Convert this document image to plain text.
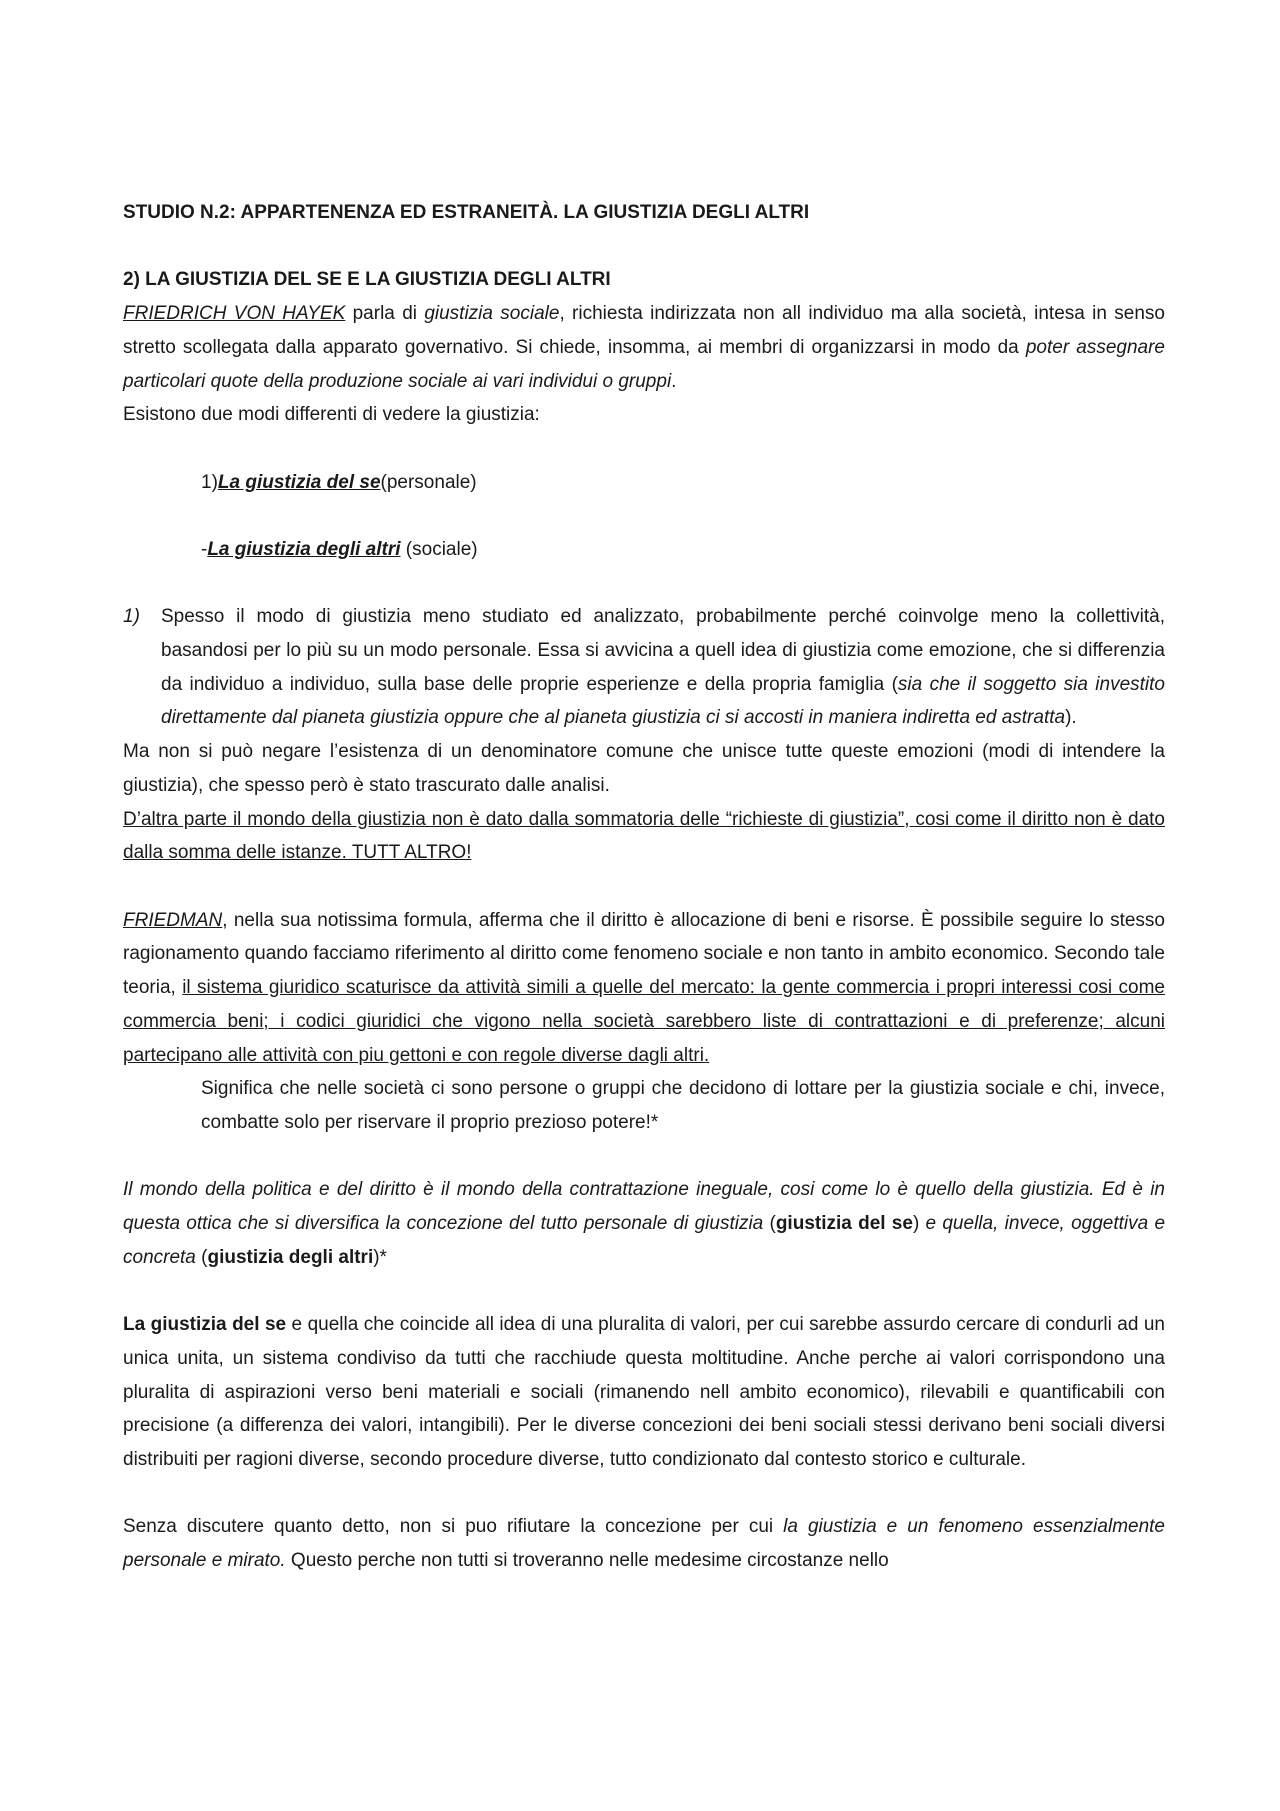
STUDIO N.2: APPARTENENZA ED ESTRANEITÀ. LA GIUSTIZIA DEGLI ALTRI

2) LA GIUSTIZIA DEL SE E LA GIUSTIZIA DEGLI ALTRI

FRIEDRICH VON HAYEK parla di giustizia sociale, richiesta indirizzata non all individuo ma alla società, intesa in senso stretto scollegata dalla apparato governativo. Si chiede, insomma, ai membri di organizzarsi in modo da poter assegnare particolari quote della produzione sociale ai vari individui o gruppi.

Esistono due modi differenti di vedere la giustizia:

1)La giustizia del se(personale)

-La giustizia degli altri (sociale)

1) Spesso il modo di giustizia meno studiato ed analizzato, probabilmente perché coinvolge meno la collettività, basandosi per lo più su un modo personale. Essa si avvicina a quell idea di giustizia come emozione, che si differenzia da individuo a individuo, sulla base delle proprie esperienze e della propria famiglia (sia che il soggetto sia investito direttamente dal pianeta giustizia oppure che al pianeta giustizia ci si accosti in maniera indiretta ed astratta).

Ma non si può negare l’esistenza di un denominatore comune che unisce tutte queste emozioni (modi di intendere la giustizia), che spesso però è stato trascurato dalle analisi.

D’altra parte il mondo della giustizia non è dato dalla sommatoria delle “richieste di giustizia”, cosi come il diritto non è dato dalla somma delle istanze. TUTT ALTRO!

FRIEDMAN, nella sua notissima formula, afferma che il diritto è allocazione di beni e risorse. È possibile seguire lo stesso ragionamento quando facciamo riferimento al diritto come fenomeno sociale e non tanto in ambito economico. Secondo tale teoria, il sistema giuridico scaturisce da attività simili a quelle del mercato: la gente commercia i propri interessi cosi come commercia beni; i codici giuridici che vigono nella società sarebbero liste di contrattazioni e di preferenze; alcuni partecipano alle attività con piu gettoni e con regole diverse dagli altri.

Significa che nelle società ci sono persone o gruppi che decidono di lottare per la giustizia sociale e chi, invece, combatte solo per riservare il proprio prezioso potere!*

Il mondo della politica e del diritto è il mondo della contrattazione ineguale, cosi come lo è quello della giustizia. Ed è in questa ottica che si diversifica la concezione del tutto personale di giustizia (giustizia del se) e quella, invece, oggettiva e concreta (giustizia degli altri)*

La giustizia del se e quella che coincide all idea di una pluralita di valori, per cui sarebbe assurdo cercare di condurli ad un unica unita, un sistema condiviso da tutti che racchiude questa moltitudine. Anche perche ai valori corrispondono una pluralita di aspirazioni verso beni materiali e sociali (rimanendo nell ambito economico), rilevabili e quantificabili con precisione (a differenza dei valori, intangibili). Per le diverse concezioni dei beni sociali stessi derivano beni sociali diversi distribuiti per ragioni diverse, secondo procedure diverse, tutto condizionato dal contesto storico e culturale.

Senza discutere quanto detto, non si puo rifiutare la concezione per cui la giustizia e un fenomeno essenzialmente personale e mirato. Questo perche non tutti si troveranno nelle medesime circostanze nello
